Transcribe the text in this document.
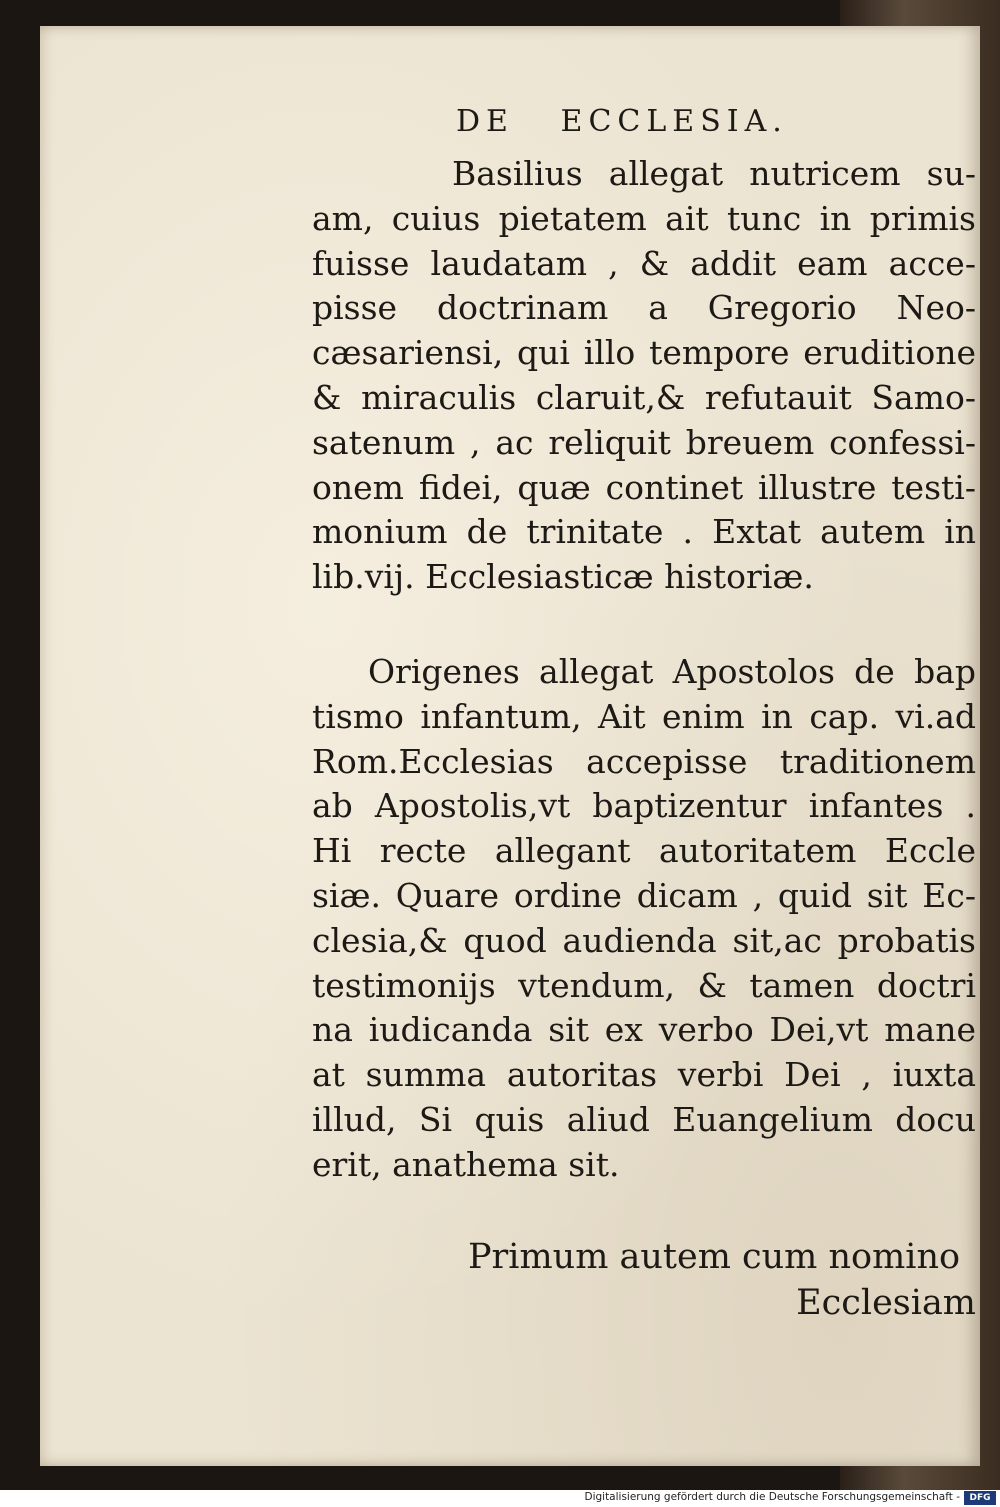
DE   ECCLESIA.

Basilius allegat nutricem su-
am, cuius pietatem ait tunc in primis
fuisse laudatam , & addit eam acce-
pisse doctrinam a Gregorio Neo-
cæsariensi, qui illo tempore eruditione
& miraculis claruit,& refutauit Samo-
satenum , ac reliquit breuem confessi-
onem fidei, quæ continet illustre testi-
monium de trinitate . Extat autem in
lib.vij. Ecclesiasticæ historiæ.

Origenes allegat Apostolos de bap
tismo infantum, Ait enim in cap. vi.ad
Rom.Ecclesias accepisse traditionem
ab Apostolis,vt baptizentur infantes .
Hi recte allegant autoritatem Eccle
siæ. Quare ordine dicam , quid sit Ec-
clesia,& quod audienda sit,ac probatis
testimonijs vtendum, & tamen doctri
na iudicanda sit ex verbo Dei,vt mane
at summa autoritas verbi Dei , iuxta
illud, Si quis aliud Euangelium docu
erit, anathema sit.

Primum autem cum nomino
Ecclesiam

Digitalisierung gefördert durch die Deutsche Forschungsgemeinschaft -	DFG
